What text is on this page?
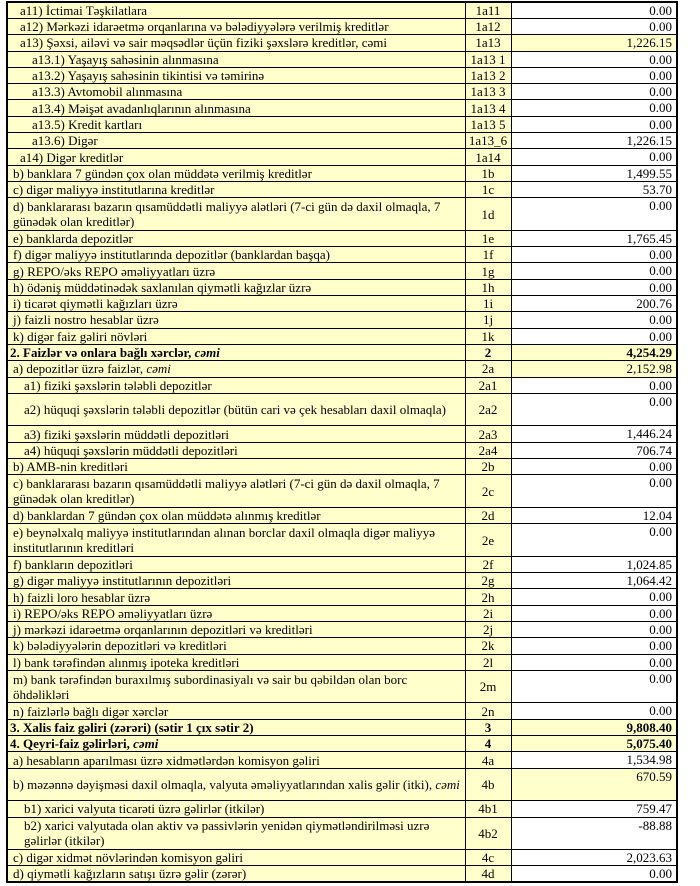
a11) İctimai Təşkilatlara	1a11	0.00
a12) Mərkəzi idarəetmə orqanlarına və bələdiyyələrə verilmiş kreditlər	1a12	0.00
a13) Şəxsi, ailəvi və sair məqsədlər üçün fiziki şəxslərə kreditlər, cəmi	1a13	1,226.15
a13.1) Yaşayış sahəsinin alınmasına	1a13 1	0.00
a13.2) Yaşayış sahəsinin tikintisi və təmirinə	1a13 2	0.00
a13.3) Avtomobil alınmasına	1a13 3	0.00
a13.4) Məişət avadanlıqlarının alınmasına	1a13 4	0.00
a13.5) Kredit kartları	1a13 5	0.00
a13.6) Digər	1a13_6	1,226.15
a14) Digər kreditlər	1a14	0.00
b) banklara 7 gündən çox olan müddətə verilmiş kreditlər	1b	1,499.55
c) digər maliyyə institutlarına kreditlər	1c	53.70
d) banklararası bazarın qısamüddətli maliyyə alətləri (7-ci gün də daxil olmaqla, 7 günədək olan kreditlər)	1d	0.00
e) banklarda depozitlər	1e	1,765.45
f) digər maliyyə institutlarında depozitlər (banklardan başqa)	1f	0.00
g) REPO/əks REPO əməliyyatları üzrə	1g	0.00
h) ödəniş müddətinədək saxlanılan qiymətli kağızlar üzrə	1h	0.00
i) ticarət qiymətli kağızları üzrə	1i	200.76
j) faizli nostro hesablar üzrə	1j	0.00
k) digər faiz gəliri növləri	1k	0.00
2. Faizlər və onlara bağlı xərclər, cəmi	2	4,254.29
a) depozitlər üzrə faizlər, cəmi	2a	2,152.98
a1) fiziki şəxslərin tələbli depozitlər	2a1	0.00
a2) hüquqi şəxslərin tələbli depozitlər (bütün cari və çek hesabları daxil olmaqla)	2a2	0.00
a3) fiziki şəxslərin müddətli depozitləri	2a3	1,446.24
a4) hüquqi şəxslərin müddətli depozitləri	2a4	706.74
b) AMB-nin kreditləri	2b	0.00
c) banklararası bazarın qısamüddətli maliyyə alətləri (7-ci gün də daxil olmaqla, 7 günədək olan kreditlər)	2c	0.00
d) banklardan 7 gündən çox olan müddətə alınmış kreditlər	2d	12.04
e) beynəlxalq maliyyə institutlarından alınan borclar daxil olmaqla digər maliyyə institutlarının kreditləri	2e	0.00
f) bankların depozitləri	2f	1,024.85
g) digər maliyyə institutlarının depozitləri	2g	1,064.42
h) faizli loro hesablar üzrə	2h	0.00
i) REPO/əks REPO əməliyyatları üzrə	2i	0.00
j) mərkəzi idarəetmə orqanlarının depozitləri və kreditləri	2j	0.00
k) bələdiyyələrin depozitləri və kreditləri	2k	0.00
l) bank tərəfindən alınmış ipoteka kreditləri	2l	0.00
m) bank tərəfindən buraxılmış subordinasiyalı və sair bu qəbildən olan borc öhdəlikləri	2m	0.00
n) faizlərlə bağlı digər xərclər	2n	0.00
3. Xalis faiz gəliri (zərəri) (sətir 1 çıx sətir 2)	3	9,808.40
4. Qeyri-faiz gəlirləri, cəmi	4	5,075.40
a) hesabların aparılması üzrə xidmətlərdən komisyon gəliri	4a	1,534.98
b) məzənnə dəyişməsi daxil olmaqla, valyuta əməliyyatlarından xalis gəlir (itki), cəmi	4b	670.59
b1) xarici valyuta ticarəti üzrə gəlirlər (itkilər)	4b1	759.47
b2) xarici valyutada olan aktiv və passivlərin yenidən qiymətləndirilməsi uzrə gəlirlər (itkilər)	4b2	-88.88
c) digər xidmət növlərindən komisyon gəliri	4c	2,023.63
d) qiymətli kağızların satışı üzrə gəlir (zərər)	4d	0.00
